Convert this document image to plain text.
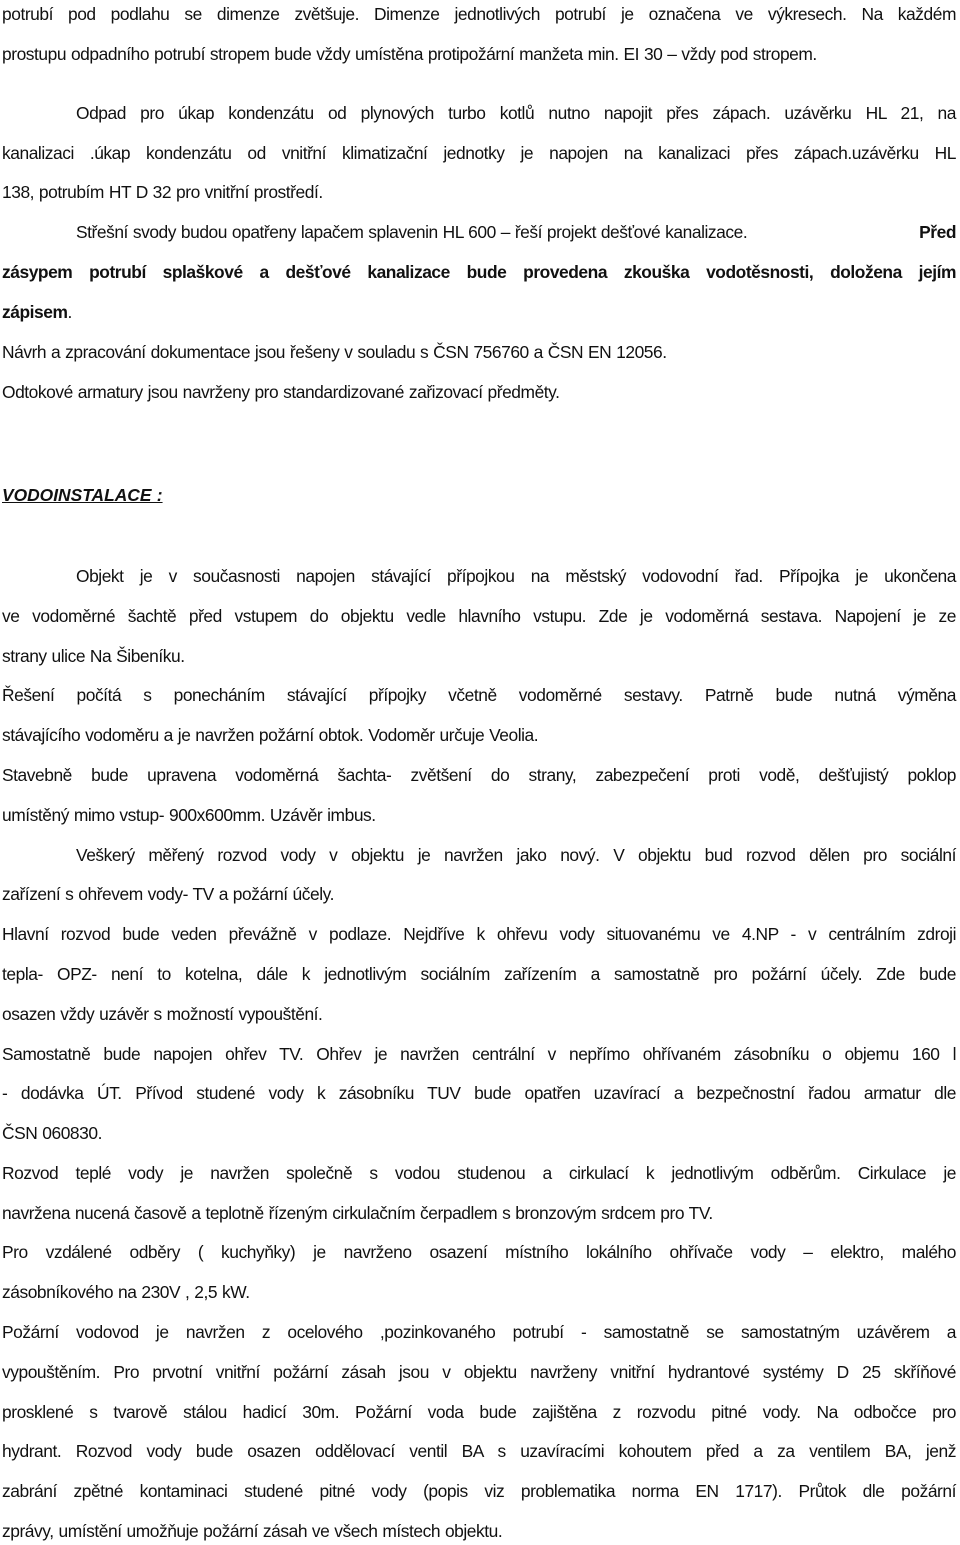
potrubí pod podlahu se dimenze zvětšuje. Dimenze jednotlivých potrubí je označena ve výkresech. Na každém
prostupu odpadního potrubí stropem bude vždy umístěna protipožární manžeta min. EI 30 – vždy pod stropem.
Odpad pro úkap kondenzátu od plynových turbo kotlů nutno napojit přes zápach. uzávěrku HL 21, na
kanalizaci .úkap kondenzátu od vnitřní klimatizační jednotky je napojen na kanalizaci přes zápach.uzávěrku HL
138, potrubím HT D 32 pro vnitřní prostředí.
Střešní svody budou opatřeny lapačem splavenin HL 600 – řeší projekt dešťové kanalizace.	Před
zásypem potrubí splaškové a dešťové kanalizace bude provedena zkouška vodotěsnosti, doložena jejím
zápisem.
Návrh a zpracování dokumentace jsou řešeny v souladu s ČSN 756760 a ČSN EN 12056.
Odtokové armatury jsou navrženy pro standardizované zařizovací předměty.
VODOINSTALACE :
Objekt je v současnosti napojen stávající přípojkou na městský vodovodní řad. Přípojka je ukončena
ve vodoměrné šachtě před vstupem do objektu vedle hlavního vstupu. Zde je vodoměrná sestava. Napojení je ze
strany ulice Na Šibeníku.
Řešení počítá s ponecháním stávající přípojky včetně vodoměrné sestavy. Patrně bude nutná výměna
stávajícího vodoměru a je navržen požární obtok. Vodoměr určuje Veolia.
Stavebně bude upravena vodoměrná šachta- zvětšení do strany, zabezpečení proti vodě, dešťujistý poklop
umístěný mimo vstup- 900x600mm. Uzávěr imbus.
Veškerý měřený rozvod vody v objektu je navržen jako nový. V objektu bud rozvod dělen pro sociální
zařízení s ohřevem vody- TV a požární účely.
Hlavní rozvod bude veden převážně v podlaze. Nejdříve k ohřevu vody situovanému ve 4.NP - v centrálním zdroji
tepla- OPZ- není to kotelna, dále k jednotlivým sociálním zařízením a samostatně pro požární účely. Zde bude
osazen vždy uzávěr s možností vypouštění.
Samostatně bude napojen ohřev TV. Ohřev je navržen centrální v nepřímo ohřívaném zásobníku o objemu 160 l
- dodávka ÚT. Přívod studené vody k zásobníku TUV bude opatřen uzavírací a bezpečnostní řadou armatur dle
ČSN 060830.
Rozvod teplé vody je navržen společně s vodou studenou a cirkulací k jednotlivým odběrům. Cirkulace je
navržena nucená časově a teplotně řízeným cirkulačním čerpadlem s bronzovým srdcem pro TV.
Pro vzdálené odběry ( kuchyňky) je navrženo osazení místního lokálního ohřívače vody – elektro, malého
zásobníkového na 230V , 2,5 kW.
Požární vodovod je navržen z ocelového ,pozinkovaného potrubí - samostatně se samostatným uzávěrem a
vypouštěním. Pro prvotní vnitřní požární zásah jsou v objektu navrženy vnitřní hydrantové systémy D 25 skříňové
prosklené s tvarově stálou hadicí 30m. Požární voda bude zajištěna z rozvodu pitné vody. Na odbočce pro
hydrant. Rozvod vody bude osazen oddělovací ventil BA s uzavíracími kohoutem před a za ventilem BA, jenž
zabrání zpětné kontaminaci studené pitné vody (popis viz problematika norma EN 1717). Průtok dle požární
zprávy, umístění umožňuje požární zásah ve všech místech objektu.
